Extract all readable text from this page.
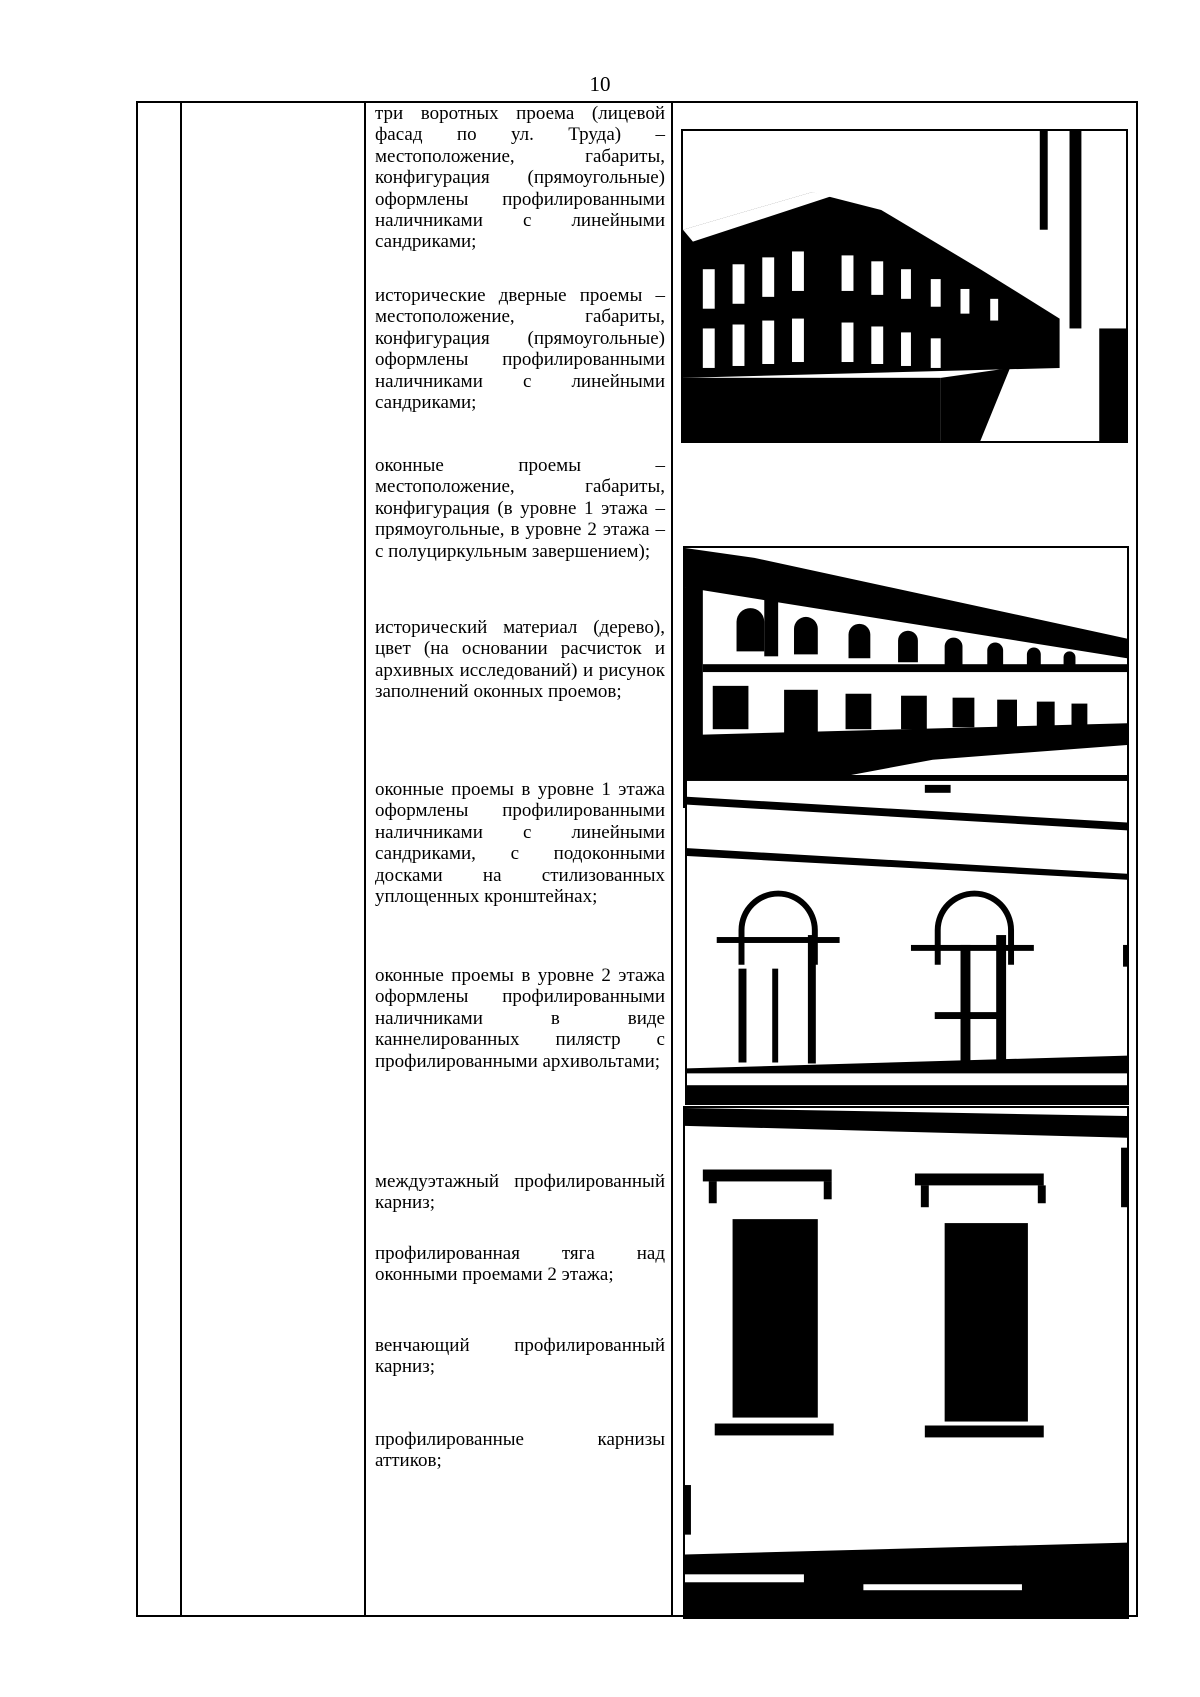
10

три воротных проема (лицевой фасад по ул. Труда) – местоположение, габариты, конфигурация (прямоугольные) оформлены профилированными наличниками с линейными сандриками;

исторические дверные проемы – местоположение, габариты, конфигурация (прямоугольные) оформлены профилированными наличниками с линейными сандриками;

оконные проемы – местоположение, габариты, конфигурация (в уровне 1 этажа – прямоугольные, в уровне 2 этажа – с полуциркульным завершением);

исторический материал (дерево), цвет (на основании расчисток и архивных исследований) и рисунок заполнений оконных проемов;

оконные проемы в уровне 1 этажа оформлены профилированными наличниками с линейными сандриками, с подоконными досками на стилизованных уплощенных кронштейнах;

оконные проемы в уровне 2 этажа оформлены профилированными наличниками в виде каннелированных пилястр с профилированными архивольтами;

междуэтажный профилированный карниз;

профилированная тяга над оконными проемами 2 этажа;

венчающий профилированный карниз;

профилированные карнизы аттиков;
